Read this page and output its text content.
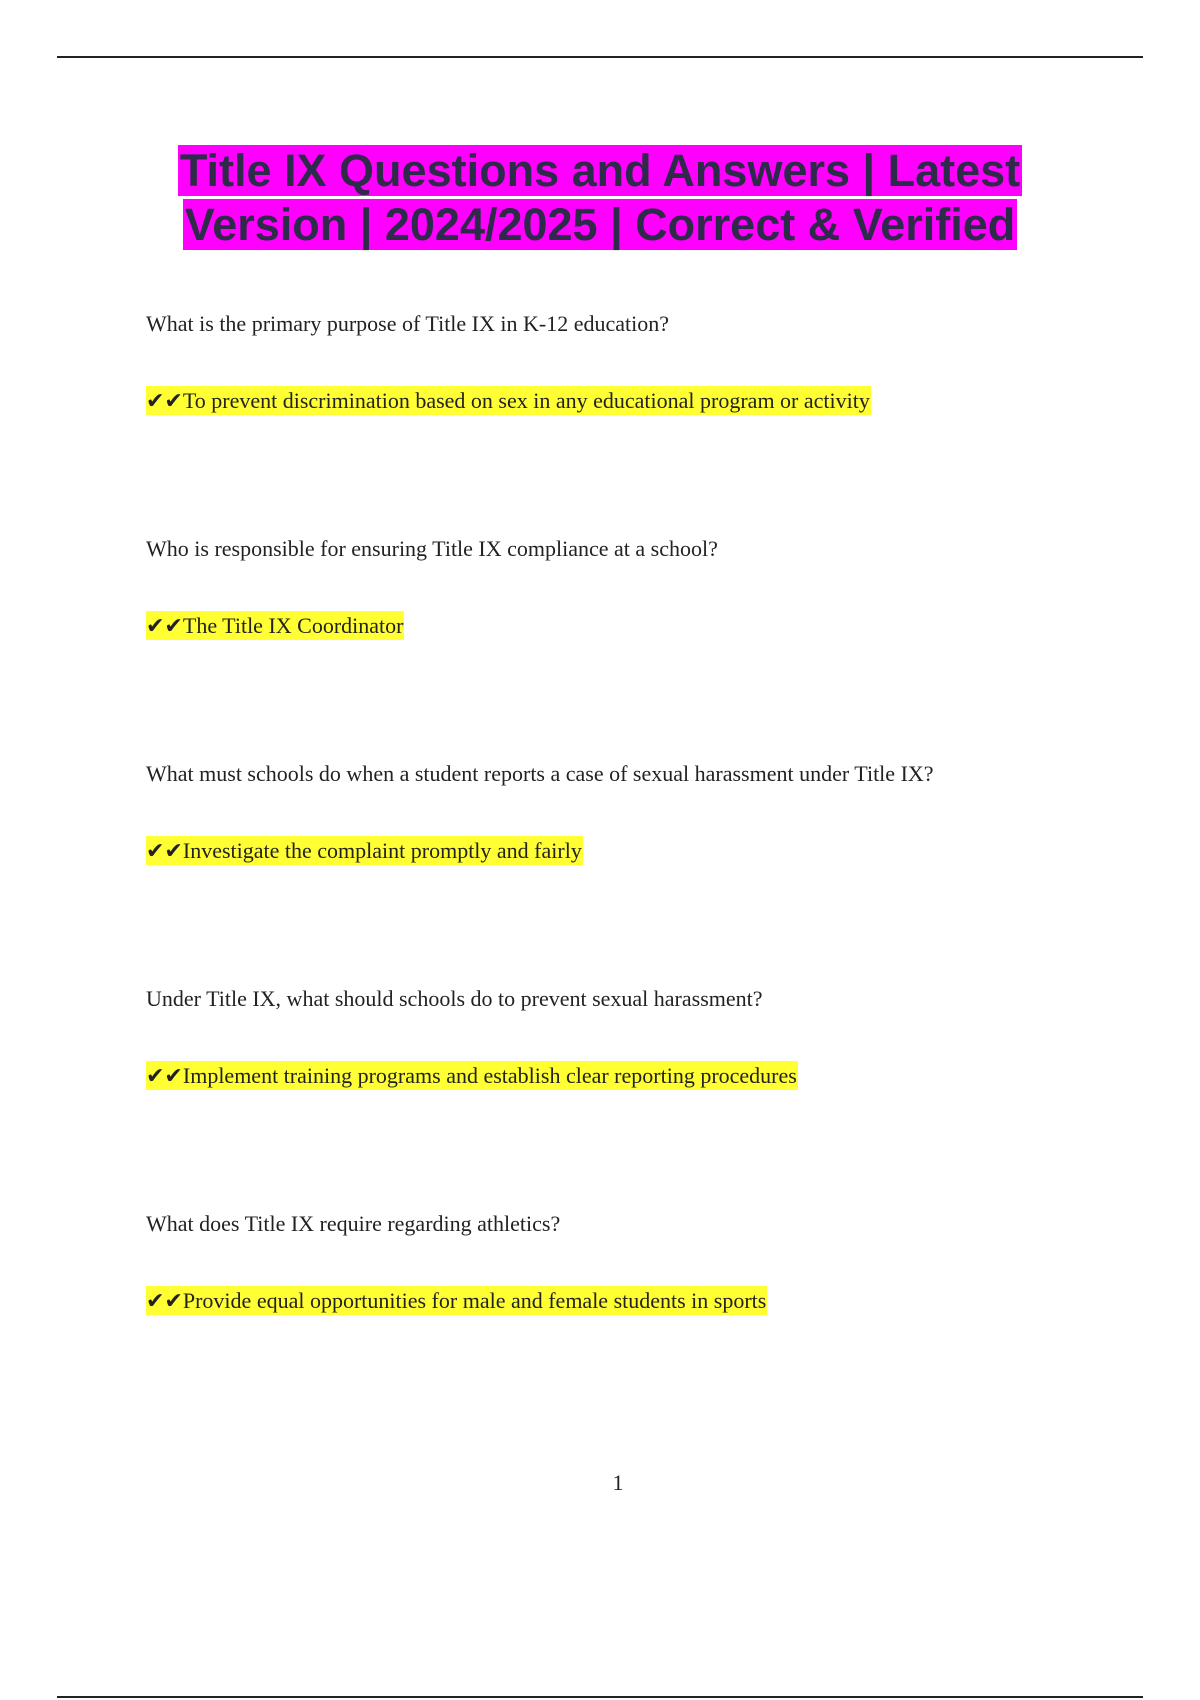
Title IX Questions and Answers | Latest
Version | 2024/2025 | Correct & Verified
What is the primary purpose of Title IX in K-12 education?
✔✔To prevent discrimination based on sex in any educational program or activity
Who is responsible for ensuring Title IX compliance at a school?
✔✔The Title IX Coordinator
What must schools do when a student reports a case of sexual harassment under Title IX?
✔✔Investigate the complaint promptly and fairly
Under Title IX, what should schools do to prevent sexual harassment?
✔✔Implement training programs and establish clear reporting procedures
What does Title IX require regarding athletics?
✔✔Provide equal opportunities for male and female students in sports
1
